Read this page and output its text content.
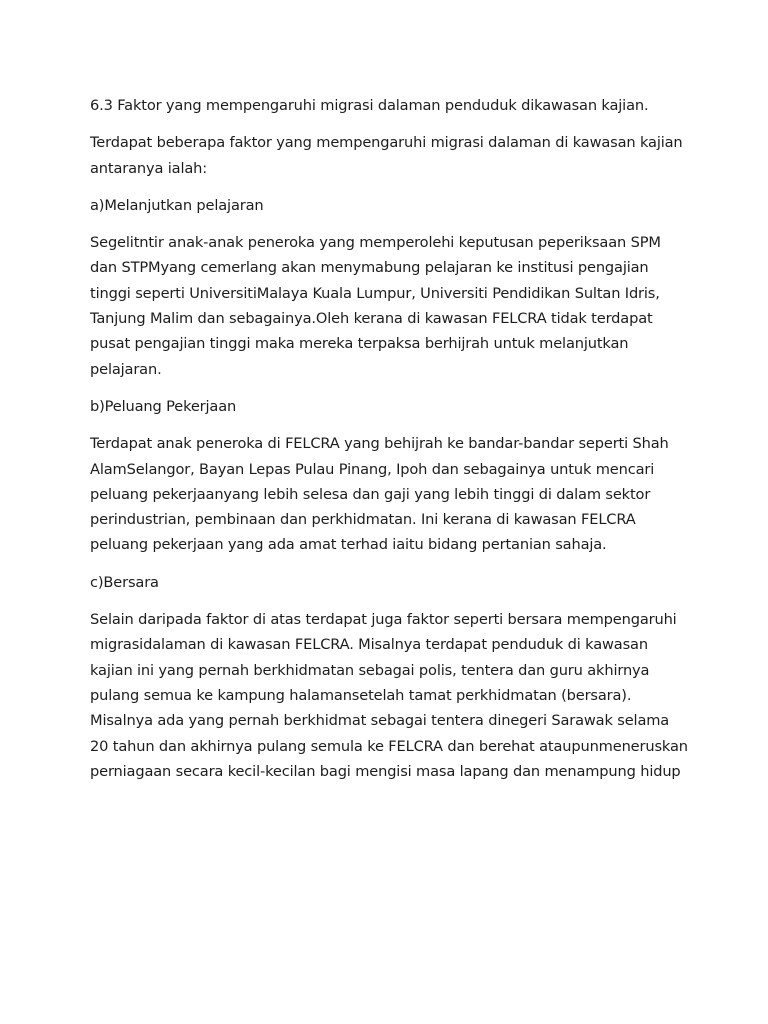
6.3 Faktor yang mempengaruhi migrasi dalaman penduduk dikawasan kajian.

Terdapat beberapa faktor yang mempengaruhi migrasi dalaman di kawasan kajian antaranya ialah:

a)Melanjutkan pelajaran

Segelitntir anak-anak peneroka yang memperolehi keputusan peperiksaan SPM dan STPMyang cemerlang akan menymabung pelajaran ke institusi pengajian tinggi seperti UniversitiMalaya Kuala Lumpur, Universiti Pendidikan Sultan Idris, Tanjung Malim dan sebagainya.Oleh kerana di kawasan FELCRA tidak terdapat pusat pengajian tinggi maka mereka terpaksa berhijrah untuk melanjutkan pelajaran.

b)Peluang Pekerjaan

Terdapat anak peneroka di FELCRA yang behijrah ke bandar-bandar seperti Shah AlamSelangor, Bayan Lepas Pulau Pinang, Ipoh dan sebagainya untuk mencari peluang pekerjaanyang lebih selesa dan gaji yang lebih tinggi di dalam sektor perindustrian, pembinaan dan perkhidmatan. Ini kerana di kawasan FELCRA peluang pekerjaan yang ada amat terhad iaitu bidang pertanian sahaja.

c)Bersara

Selain daripada faktor di atas terdapat juga faktor seperti bersara mempengaruhi migrasidalaman di kawasan FELCRA. Misalnya terdapat penduduk di kawasan kajian ini yang pernah berkhidmatan sebagai polis, tentera dan guru akhirnya pulang semua ke kampung halamansetelah tamat perkhidmatan (bersara). Misalnya ada yang pernah berkhidmat sebagai tentera dinegeri Sarawak selama 20 tahun dan akhirnya pulang semula ke FELCRA dan berehat ataupunmeneruskan perniagaan secara kecil-kecilan bagi mengisi masa lapang dan menampung hidup
